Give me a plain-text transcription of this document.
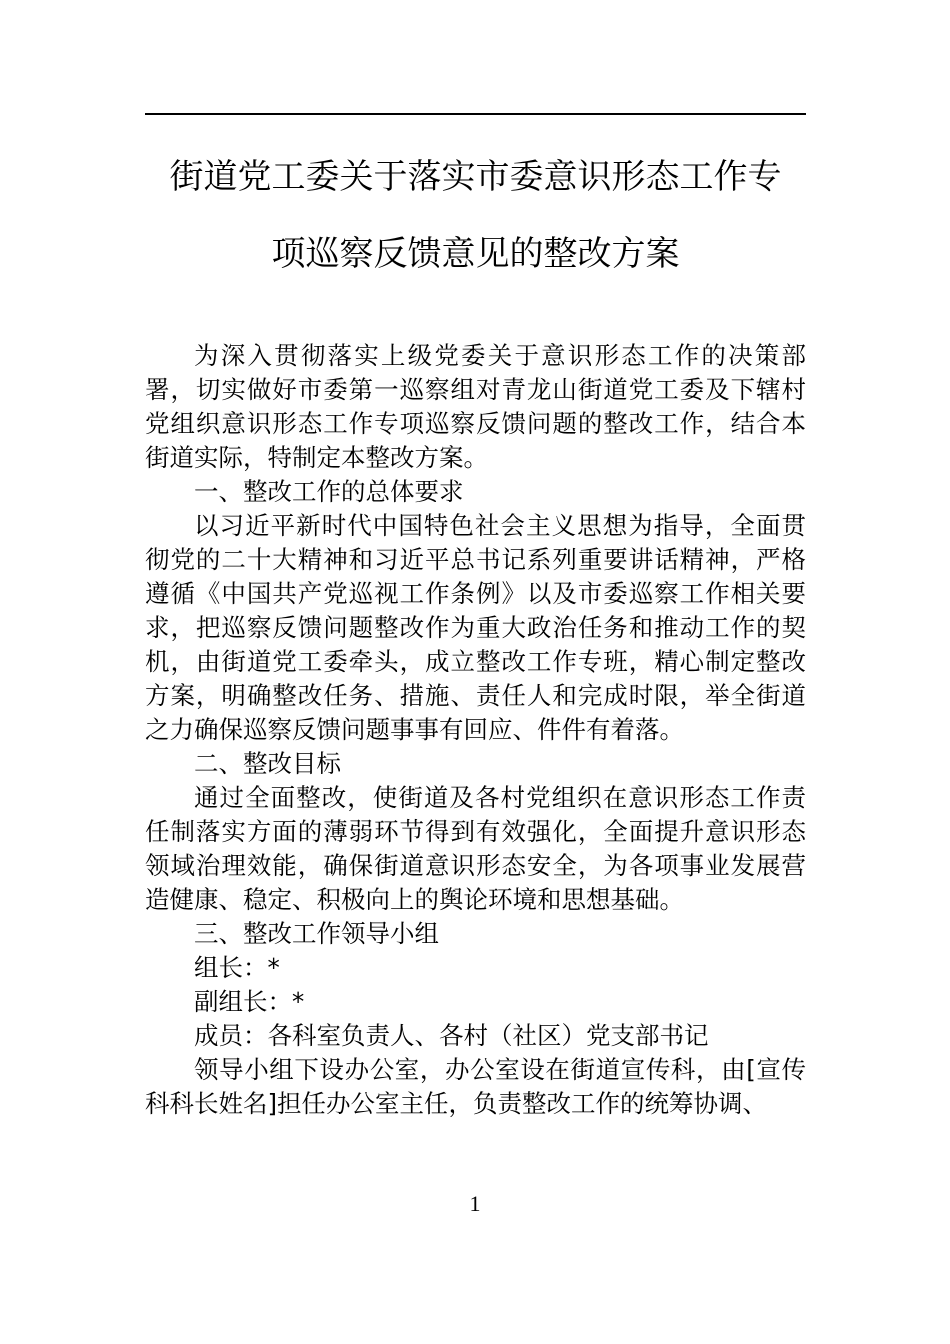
街道党工委关于落实市委意识形态工作专
项巡察反馈意见的整改方案

为深入贯彻落实上级党委关于意识形态工作的决策部署，切实做好市委第一巡察组对青龙山街道党工委及下辖村党组织意识形态工作专项巡察反馈问题的整改工作，结合本街道实际，特制定本整改方案。

一、整改工作的总体要求

以习近平新时代中国特色社会主义思想为指导，全面贯彻党的二十大精神和习近平总书记系列重要讲话精神，严格遵循《中国共产党巡视工作条例》以及市委巡察工作相关要求，把巡察反馈问题整改作为重大政治任务和推动工作的契机，由街道党工委牵头，成立整改工作专班，精心制定整改方案，明确整改任务、措施、责任人和完成时限，举全街道之力确保巡察反馈问题事事有回应、件件有着落。

二、整改目标

通过全面整改，使街道及各村党组织在意识形态工作责任制落实方面的薄弱环节得到有效强化，全面提升意识形态领域治理效能，确保街道意识形态安全，为各项事业发展营造健康、稳定、积极向上的舆论环境和思想基础。

三、整改工作领导小组

组长：*

副组长：*

成员：各科室负责人、各村（社区）党支部书记

领导小组下设办公室，办公室设在街道宣传科，由[宣传科科长姓名]担任办公室主任，负责整改工作的统筹协调、

1
